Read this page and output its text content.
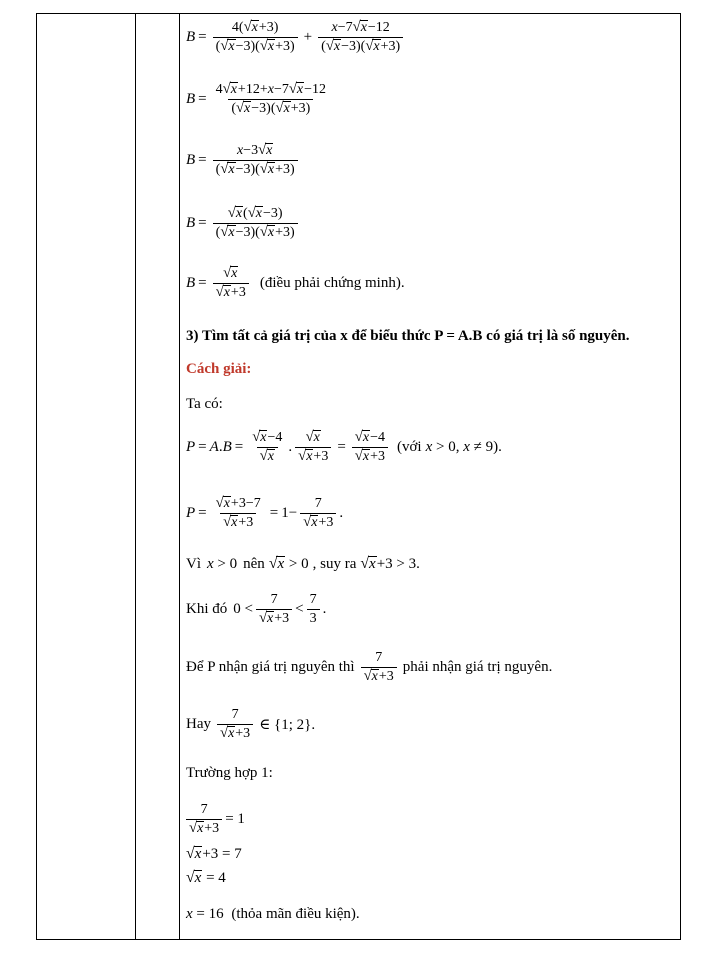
$B = \frac{4( √ x +3)}{( √ x -3)( √ x +3)} + \frac{x-7 √ x -12}{( √ x -3)( √ x +3)}$
$B = \frac{4 √ x +12+x-7 √ x -12}{( √ x -3)( √ x +3)}$
$B = \frac{x-3 √ x}{( √ x -3)( √ x +3)}$
$B = \frac{√ x ( √ x -3)}{( √ x -3)( √ x +3)}$
$B = \frac{√ x}{√ x +3}$ (điều phải chứng minh).
3) Tìm tất cả giá trị của x để biểu thức P = A.B có giá trị là số nguyên.
Cách giải:
Ta có:
P = A . $B = \frac{√ x -4}{√ x}$ . $\frac{√ x}{√ x +3} = \frac{√ x -4}{√ x +3}$ (với x > 0, x ≠ 9 ).
$P = \frac{√ x +3-7}{√ x +3} = 1- \frac{7}{√ x +3}$ .
Vì x > 0 nên √ x > 0 , suy ra √ x +3 > 3.
Khi đó $0 < \frac{7}{√ x +3} < \frac{7}{3}$ .
Để P nhận giá trị nguyên thì $\frac{7}{√ x +3}$ phải nhận giá trị nguyên.
Hay $\frac{7}{√ x +3}$ ∈ {1; 2}.
Trường hợp 1:
$\frac{7}{√ x +3} = 1$
√ x +3 = 7
√ x = 4
x = 16 (thỏa mãn điều kiện).
